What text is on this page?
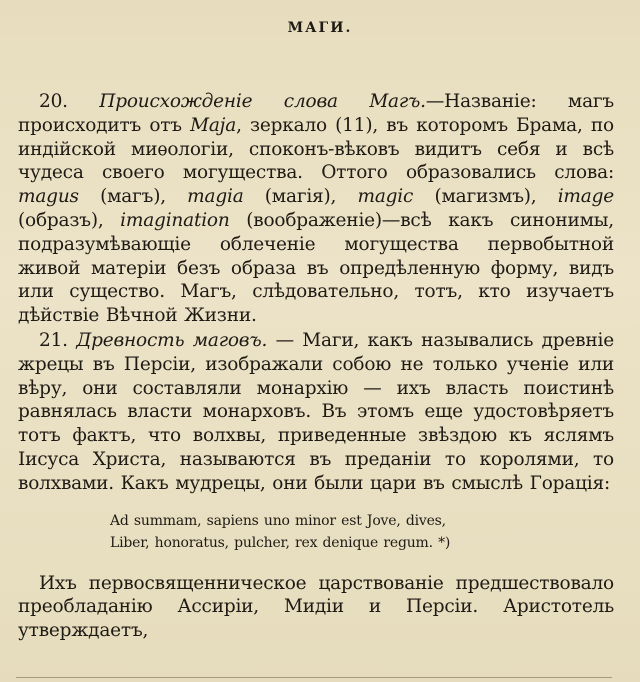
МАГИ.

20. Происхожденіе слова Магъ.—Названіе: магъ происходитъ отъ Maja, зеркало (11), въ которомъ Брама, по индійской миѳологіи, споконъ-вѣковъ видитъ себя и всѣ чудеса своего могущества. Оттого образовались слова: magus (магъ), magia (магія), magic (магизмъ), image (образъ), imagination (воображеніе)—всѣ какъ синонимы, подразумѣвающіе облеченіе могущества первобытной живой матеріи безъ образа въ опредѣленную форму, видъ или существо. Магъ, слѣдовательно, тотъ, кто изучаетъ дѣйствіе Вѣчной Жизни.

21. Древность маговъ. — Маги, какъ назывались древніе жрецы въ Персіи, изображали собою не только ученіе или вѣру, они составляли монархію — ихъ власть поистинѣ равнялась власти монарховъ. Въ этомъ еще удостовѣряетъ тотъ фактъ, что волхвы, приведенные звѣздою къ яслямъ Іисуса Христа, называются въ преданіи то королями, то волхвами. Какъ мудрецы, они были цари въ смыслѣ Горація:

Ad summam, sapiens uno minor est Jove, dives,
Liber, honoratus, pulcher, rex denique regum. *)

Ихъ первосвященническое царствованіе предшествовало преобладанію Ассиріи, Мидіи и Персіи. Аристотель утверждаетъ,
